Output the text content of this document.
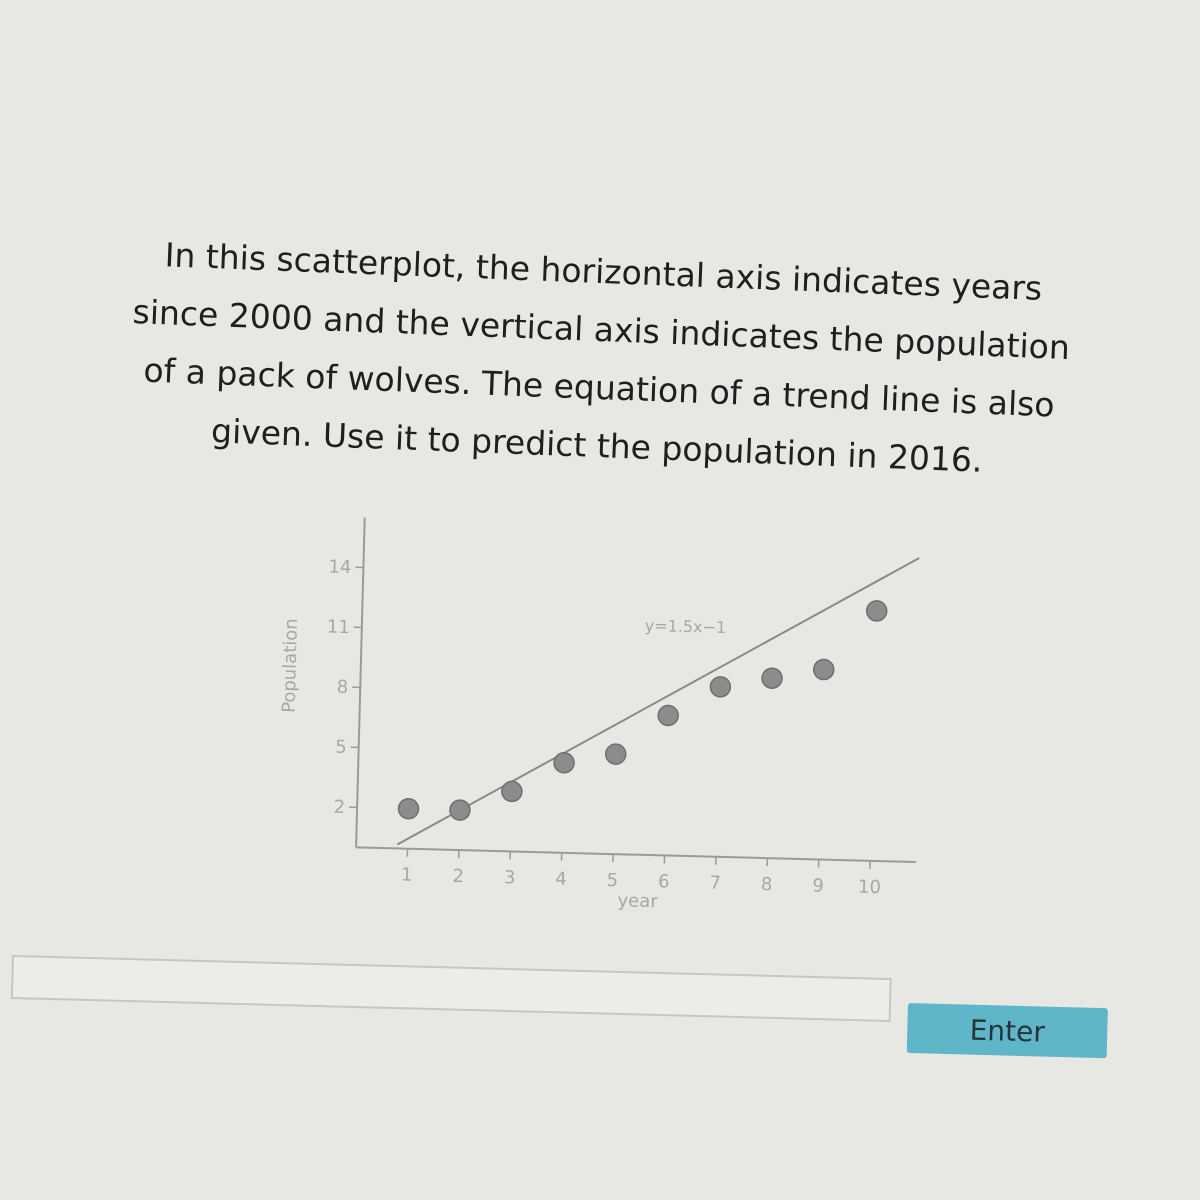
In this scatterplot, the horizontal axis indicates years
since 2000 and the vertical axis indicates the population
of a pack of wolves. The equation of a trend line is also
given. Use it to predict the population in 2016.
1 2 3 4 5 6 7 8 9 10
2
5
8
11
14
year
Population	y=1.5x−1
Enter
